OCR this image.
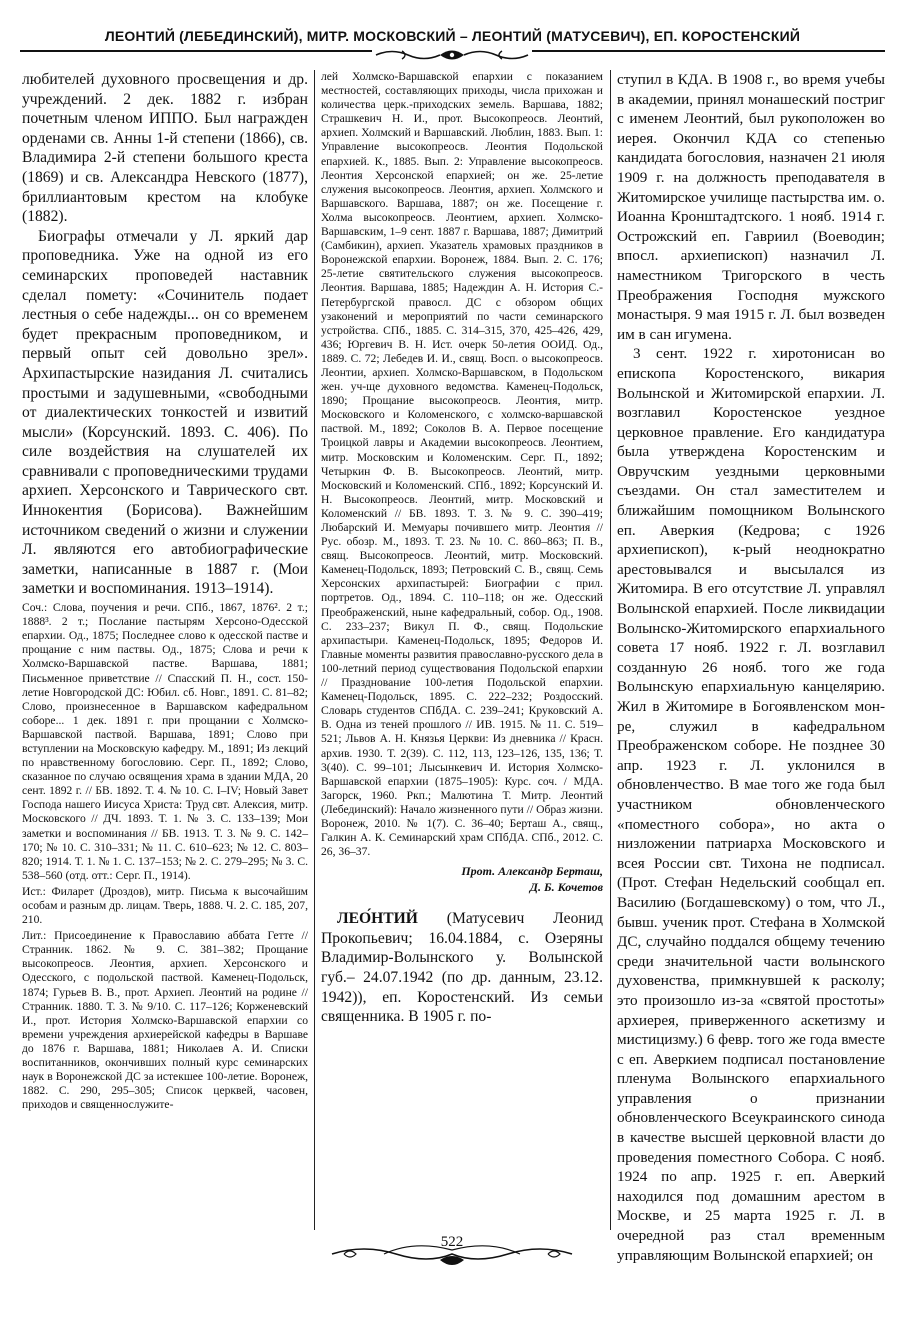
ЛЕОНТИЙ (ЛЕБЕДИНСКИЙ), МИТР. МОСКОВСКИЙ – ЛЕОНТИЙ (МАТУСЕВИЧ), ЕП. КОРОСТЕНСКИЙ

любителей духовного просвещения и др. учреждений. 2 дек. 1882 г. избран почетным членом ИППО. Был награжден орденами св. Анны 1-й степени (1866), св. Владимира 2-й степени большого креста (1869) и св. Александра Невского (1877), бриллиантовым крестом на клобуке (1882).

Биографы отмечали у Л. яркий дар проповедника. Уже на одной из его семинарских проповедей наставник сделал помету: «Сочинитель подает лестныя о себе надежды... он со временем будет прекрасным проповедником, и первый опыт сей довольно зрел». Архипастырские назидания Л. считались простыми и задушевными, «свободными от диалектических тонкостей и извитий мысли» (Корсунский. 1893. С. 406). По силе воздействия на слушателей их сравнивали с проповедническими трудами архиеп. Херсонского и Таврического свт. Иннокентия (Борисова). Важнейшим источником сведений о жизни и служении Л. являются его автобиографические заметки, написанные в 1887 г. (Мои заметки и воспоминания. 1913–1914).

Соч.: Слова, поучения и речи. СПб., 1867, 1876². 2 т.; 1888³. 2 т.; Послание пастырям Херсоно-Одесской епархии. Од., 1875; Последнее слово к одесской пастве и прощание с ним паствы. Од., 1875; Слова и речи к Холмско-Варшавской пастве. Варшава, 1881; Письменное приветствие // Спасский П. Н., сост. 150-летие Новгородской ДС: Юбил. сб. Новг., 1891. С. 81–82; Слово, произнесенное в Варшавском кафедральном соборе... 1 дек. 1891 г. при прощании с Холмско-Варшавской паствой. Варшава, 1891; Слово при вступлении на Московскую кафедру. М., 1891; Из лекций по нравственному богословию. Серг. П., 1892; Слово, сказанное по случаю освящения храма в здании МДА, 20 сент. 1892 г. // БВ. 1892. Т. 4. № 10. С. I–IV; Новый Завет Господа нашего Иисуса Христа: Труд свт. Алексия, митр. Московского // ДЧ. 1893. Т. 1. № 3. С. 133–139; Мои заметки и воспоминания // БВ. 1913. Т. 3. № 9. С. 142–170; № 10. С. 310–331; № 11. С. 610–623; № 12. С. 803–820; 1914. Т. 1. № 1. С. 137–153; № 2. С. 279–295; № 3. С. 538–560 (отд. отт.: Серг. П., 1914).

Ист.: Филарет (Дроздов), митр. Письма к высочайшим особам и разным др. лицам. Тверь, 1888. Ч. 2. С. 185, 207, 210.

Лит.: Присоединение к Православию аббата Гетте // Странник. 1862. № 9. С. 381–382; Прощание высокопреосв. Леонтия, архиеп. Херсонского и Одесского, с подольской паствой. Каменец-Подольск, 1874; Гурьев В. В., прот. Архиеп. Леонтий на родине // Странник. 1880. Т. 3. № 9/10. С. 117–126; Корженевский И., прот. История Холмско-Варшавской епархии со времени учреждения архиерейской кафедры в Варшаве до 1876 г. Варшава, 1881; Николаев А. И. Списки воспитанников, окончивших полный курс семинарских наук в Воронежской ДС за истекшее 100-летие. Воронеж, 1882. С. 290, 295–305; Список церквей, часовен, приходов и священнослужите-

лей Холмско-Варшавской епархии с показанием местностей, составляющих приходы, числа прихожан и количества церк.-приходских земель. Варшава, 1882; Страшкевич Н. И., прот. Высокопреосв. Леонтий, архиеп. Холмский и Варшавский. Люблин, 1883. Вып. 1: Управление высокопреосв. Леонтия Подольской епархией. К., 1885. Вып. 2: Управление высокопреосв. Леонтия Херсонской епархией; он же. 25-летие служения высокопреосв. Леонтия, архиеп. Холмского и Варшавского. Варшава, 1887; он же. Посещение г. Холма высокопреосв. Леонтием, архиеп. Холмско-Варшавским, 1–9 сент. 1887 г. Варшава, 1887; Димитрий (Самбикин), архиеп. Указатель храмовых праздников в Воронежской епархии. Воронеж, 1884. Вып. 2. С. 176; 25-летие святительского служения высокопреосв. Леонтия. Варшава, 1885; Надеждин А. Н. История С.-Петербургской правосл. ДС с обзором общих узаконений и мероприятий по части семинарского устройства. СПб., 1885. С. 314–315, 370, 425–426, 429, 436; Юргевич В. Н. Ист. очерк 50-летия ООИД. Од., 1889. С. 72; Лебедев И. И., свящ. Восп. о высокопреосв. Леонтии, архиеп. Холмско-Варшавском, в Подольском жен. уч-ще духовного ведомства. Каменец-Подольск, 1890; Прощание высокопреосв. Леонтия, митр. Московского и Коломенского, с холмско-варшавской паствой. М., 1892; Соколов В. А. Первое посещение Троицкой лавры и Академии высокопреосв. Леонтием, митр. Московским и Коломенским. Серг. П., 1892; Четыркин Ф. В. Высокопреосв. Леонтий, митр. Московский и Коломенский. СПб., 1892; Корсунский И. Н. Высокопреосв. Леонтий, митр. Московский и Коломенский // БВ. 1893. Т. 3. № 9. С. 390–419; Любарский И. Мемуары почившего митр. Леонтия // Рус. обозр. М., 1893. Т. 23. № 10. С. 860–863; П. В., свящ. Высокопреосв. Леонтий, митр. Московский. Каменец-Подольск, 1893; Петровский С. В., свящ. Семь Херсонских архипастырей: Биографии с прил. портретов. Од., 1894. С. 110–118; он же. Одесский Преображенский, ныне кафедральный, собор. Од., 1908. С. 233–237; Викул П. Ф., свящ. Подольские архипастыри. Каменец-Подольск, 1895; Федоров И. Главные моменты развития православно-русского дела в 100-летний период существования Подольской епархии // Празднование 100-летия Подольской епархии. Каменец-Подольск, 1895. С. 222–232; Роздосский. Словарь студентов СПбДА. С. 239–241; Круковский А. В. Одна из теней прошлого // ИВ. 1915. № 11. С. 519–521; Львов А. Н. Князья Церкви: Из дневника // Красн. архив. 1930. Т. 2(39). С. 112, 113, 123–126, 135, 136; Т. 3(40). С. 99–101; Лысынкевич И. История Холмско-Варшавской епархии (1875–1905): Курс. соч. / МДА. Загорск, 1960. Ркп.; Малютина Т. Митр. Леонтий (Лебединский): Начало жизненного пути // Образ жизни. Воронеж, 2010. № 1(7). С. 36–40; Берташ А., свящ., Галкин А. К. Семинарский храм СПбДА. СПб., 2012. С. 26, 36–37.

Прот. Александр Берташ,

Д. Б. Кочетов

ЛЕО́НТИЙ (Матусевич Леонид Прокопьевич; 16.04.1884, с. Озеряны Владимир-Волынского у. Волынской губ.– 24.07.1942 (по др. данным, 23.12. 1942)), еп. Коростенский. Из семьи священника. В 1905 г. по-

ступил в КДА. В 1908 г., во время учебы в академии, принял монашеский постриг с именем Леонтий, был рукоположен во иерея. Окончил КДА со степенью кандидата богословия, назначен 21 июля 1909 г. на должность преподавателя в Житомирское училище пастырства им. о. Иоанна Кронштадтского. 1 нояб. 1914 г. Острожский еп. Гавриил (Воеводин; впосл. архиепископ) назначил Л. наместником Тригорского в честь Преображения Господня мужского монастыря. 9 мая 1915 г. Л. был возведен им в сан игумена.

3 сент. 1922 г. хиротонисан во епископа Коростенского, викария Волынской и Житомирской епархии. Л. возглавил Коростенское уездное церковное правление. Его кандидатура была утверждена Коростенским и Овручским уездными церковными съездами. Он стал заместителем и ближайшим помощником Волынского еп. Аверкия (Кедрова; с 1926 архиепископ), к-рый неоднократно арестовывался и высылался из Житомира. В его отсутствие Л. управлял Волынской епархией. После ликвидации Волынско-Житомирского епархиального совета 17 нояб. 1922 г. Л. возглавил созданную 26 нояб. того же года Волынскую епархиальную канцелярию. Жил в Житомире в Богоявленском мон-ре, служил в кафедральном Преображенском соборе. Не позднее 30 апр. 1923 г. Л. уклонился в обновленчество. В мае того же года был участником обновленческого «поместного собора», но акта о низложении патриарха Московского и всея России свт. Тихона не подписал. (Прот. Стефан Недельский сообщал еп. Василию (Богдашевскому) о том, что Л., бывш. ученик прот. Стефана в Холмской ДС, случайно поддался общему течению среди значительной части волынского духовенства, примкнувшей к расколу; это произошло из-за «святой простоты» архиерея, приверженного аскетизму и мистицизму.) 6 февр. того же года вместе с еп. Аверкием подписал постановление пленума Волынского епархиального управления о признании обновленческого Всеукраинского синода в качестве высшей церковной власти до проведения поместного Собора. С нояб. 1924 по апр. 1925 г. еп. Аверкий находился под домашним арестом в Москве, и 25 марта 1925 г. Л. в очередной раз стал временным управляющим Волынской епархией; он

522
